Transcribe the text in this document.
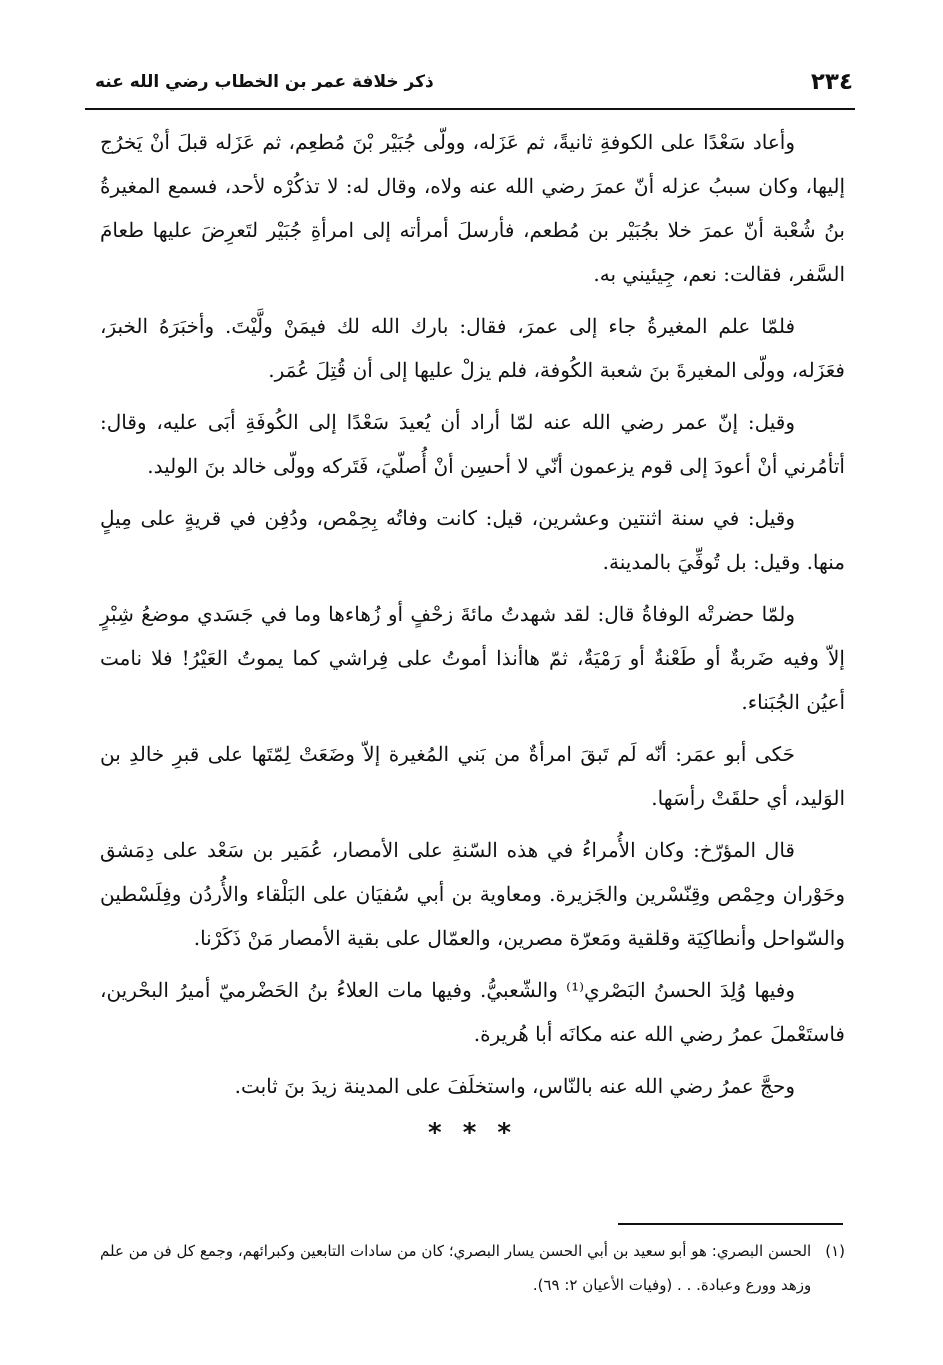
٢٣٤
ذكر خلافة عمر بن الخطاب رضي الله عنه

وأعاد سَعْدًا على الكوفةِ ثانيةً، ثم عَزَله، وولّى جُبَيْر بْنَ مُطعِم، ثم عَزَله قبلَ أنْ يَخرُج إليها، وكان سببُ عزله أنّ عمرَ رضي الله عنه ولاه، وقال له: لا تذكُرْه لأحد، فسمع المغيرةُ بنُ شُعْبة أنّ عمرَ خلا بجُبَيْر بن مُطعم، فأرسلَ أمرأته إلى امرأةِ جُبَيْر لتَعرِضَ عليها طعامَ السَّفر، فقالت: نعم، جِيئيني به.

فلمّا علم المغيرةُ جاء إلى عمرَ، فقال: بارك الله لك فيمَنْ ولَّيْتَ. وأخبَرَهُ الخبرَ، فعَزَله، وولّى المغيرةَ بنَ شعبة الكُوفة، فلم يزلْ عليها إلى أن قُتِلَ عُمَر.

وقيل: إنّ عمر رضي الله عنه لمّا أراد أن يُعيدَ سَعْدًا إلى الكُوفَةِ أبَى عليه، وقال: أتأمُرني أنْ أعودَ إلى قوم يزعمون أنّي لا أحسِن أنْ أُصلّيَ، فَتَركه وولّى خالد بنَ الوليد.

وقيل: في سنة اثنتين وعشرين، قيل: كانت وفاتُه بِحِمْص، ودُفِن في قريةٍ على مِيلٍ منها. وقيل: بل تُوفِّيَ بالمدينة.

ولمّا حضرتْه الوفاةُ قال: لقد شهدتُ مائةَ زحْفٍ أو زُهاءها وما في جَسَدي موضعُ شِبْرٍ إلاّ وفيه ضَربةٌ أو طَعْنةٌ أو رَمْيَةٌ، ثمّ هاأنذا أموتُ على فِراشي كما يموتُ العَيْرُ! فلا نامت أعيُن الجُبَناء.

حَكى أبو عمَر: أنّه لَم تَبقَ امرأةٌ من بَني المُغيرة إلاّ وضَعَتْ لِمّتَها على قبرِ خالدِ بن الوَليد، أي حلقَتْ رأسَها.

قال المؤرّخ: وكان الأُمراءُ في هذه السّنةِ على الأمصار، عُمَير بن سَعْد على دِمَشق وحَوْران وحِمْص وقِنّسْرين والجَزيرة. ومعاوية بن أبي سُفيَان على البَلْقاء والأُردُن وفِلَسْطين والسّواحل وأنطاكِيَة وقلقية ومَعرّة مصرين، والعمّال على بقية الأمصار مَنْ ذَكَرْنا.

وفيها وُلِدَ الحسنُ البَصْري⁽¹⁾ والشّعبيُّ. وفيها مات العلاءُ بنُ الحَضْرميّ أميرُ البحْرين، فاستَعْملَ عمرُ رضي الله عنه مكانَه أبا هُريرة.

وحجَّ عمرُ رضي الله عنه بالنّاس، واستخلَفَ على المدينة زيدَ بنَ ثابت.

* * *
(١)
الحسن البصري: هو أبو سعيد بن أبي الحسن يسار البصري؛ كان من سادات التابعين وكبرائهم، وجمع كل فن من علم وزهد وورع وعبادة. . . (وفيات الأعيان ٢: ٦٩).
